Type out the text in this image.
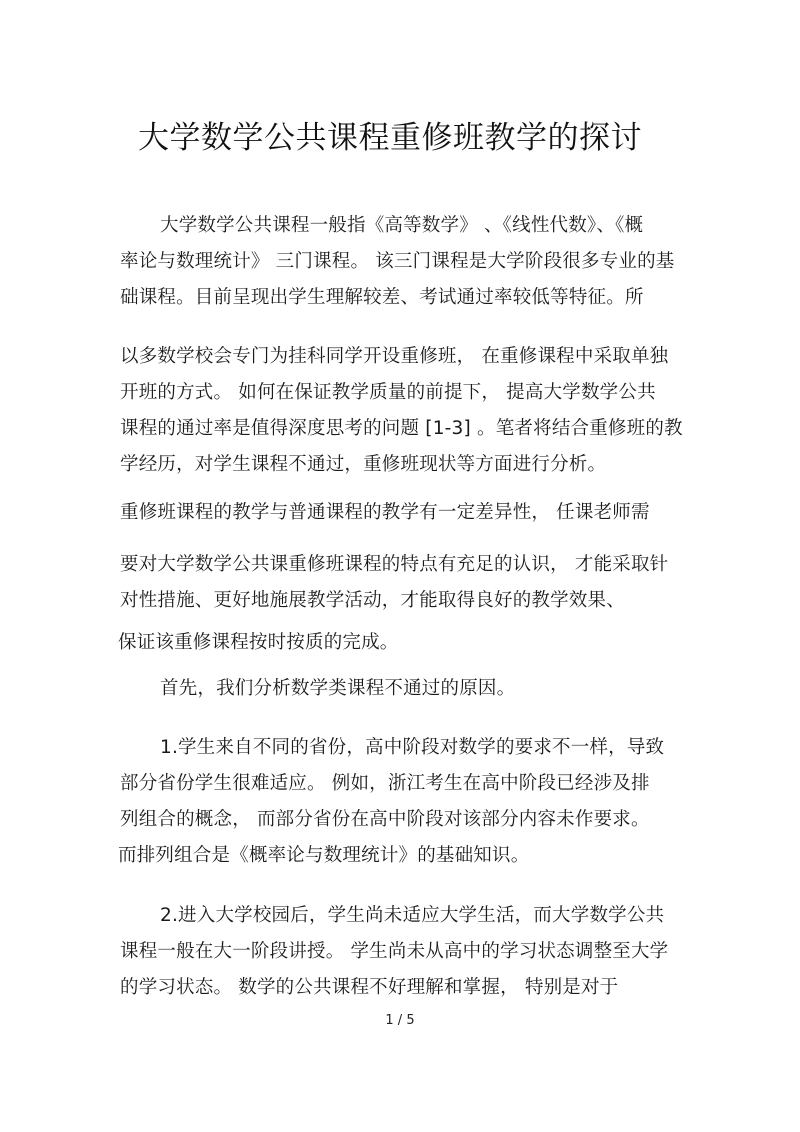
大学数学公共课程重修班教学的探讨
大学数学公共课程一般指《高等数学》 、《线性代数》、《概
率论与数理统计》 三门课程。 该三门课程是大学阶段很多专业的基
础课程。目前呈现出学生理解较差、考试通过率较低等特征。所
以多数学校会专门为挂科同学开设重修班， 在重修课程中采取单独
开班的方式。 如何在保证教学质量的前提下， 提高大学数学公共
课程的通过率是值得深度思考的问题 [1-3] 。笔者将结合重修班的教
学经历，对学生课程不通过，重修班现状等方面进行分析。
重修班课程的教学与普通课程的教学有一定差异性， 任课老师需
要对大学数学公共课重修班课程的特点有充足的认识， 才能采取针
对性措施、更好地施展教学活动，才能取得良好的教学效果、
保证该重修课程按时按质的完成。
首先，我们分析数学类课程不通过的原因。
1.学生来自不同的省份，高中阶段对数学的要求不一样，导致
部分省份学生很难适应。 例如，浙江考生在高中阶段已经涉及排
列组合的概念， 而部分省份在高中阶段对该部分内容未作要求。
而排列组合是《概率论与数理统计》的基础知识。
2.进入大学校园后，学生尚未适应大学生活，而大学数学公共
课程一般在大一阶段讲授。 学生尚未从高中的学习状态调整至大学
的学习状态。 数学的公共课程不好理解和掌握， 特别是对于
1 / 5
